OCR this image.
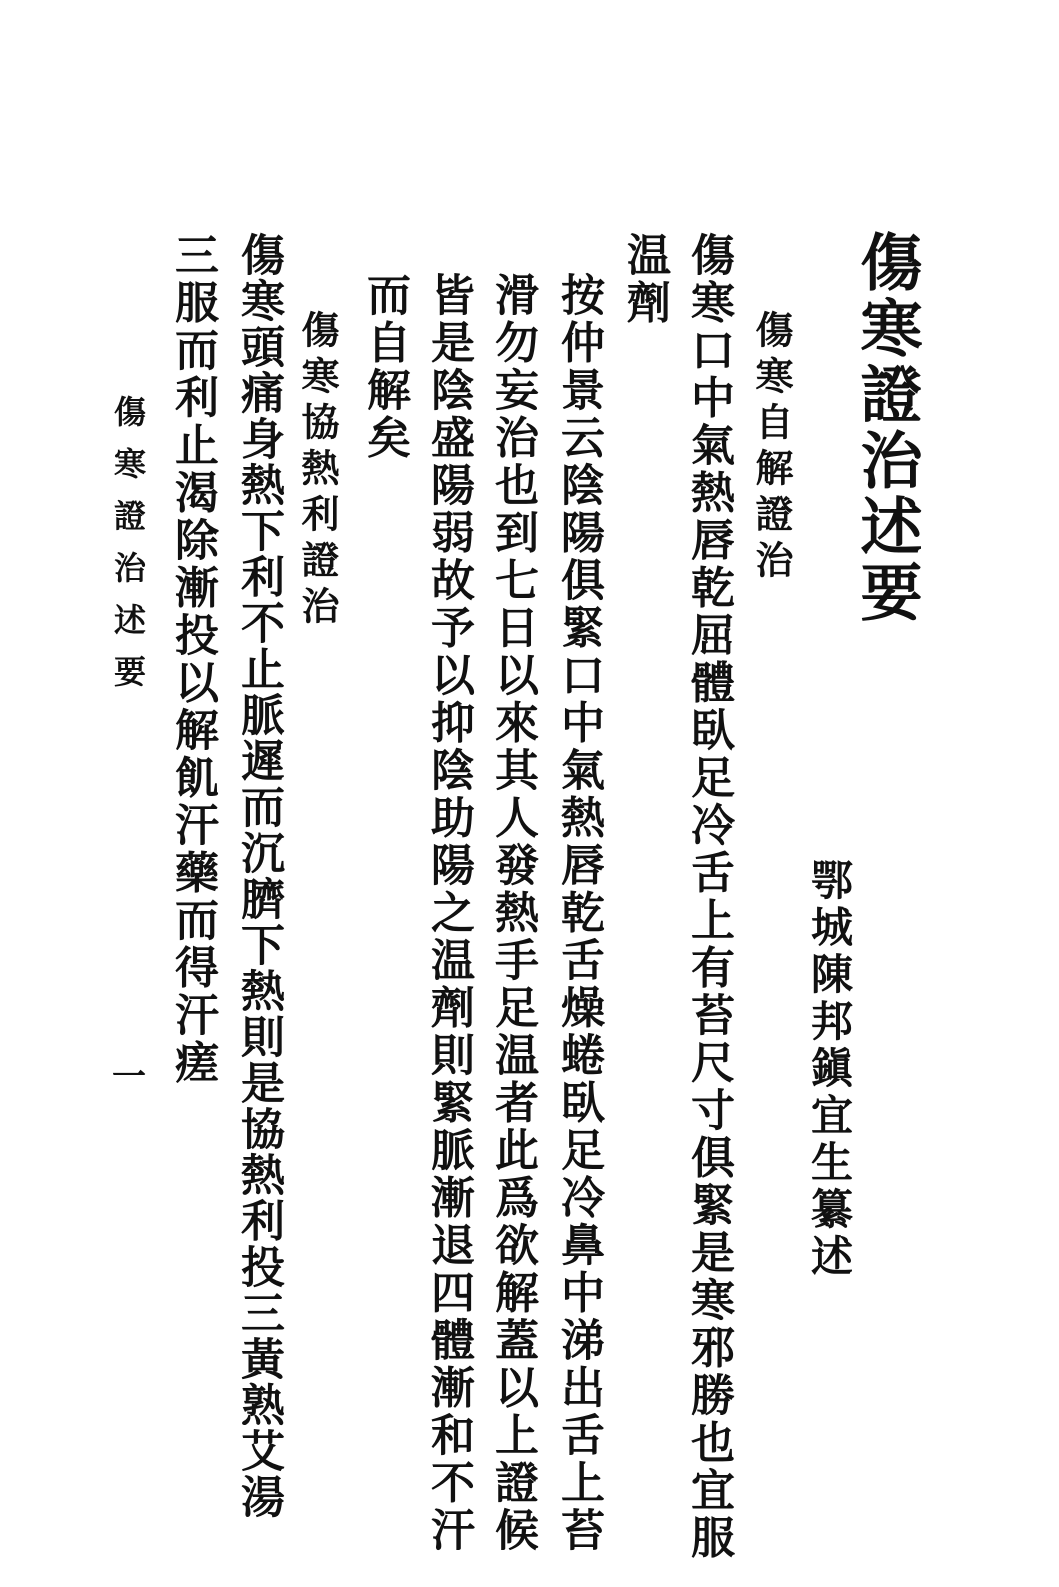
傷寒證治述要
鄂城陳邦鎭宜生纂述
傷寒自解證治
傷寒口中氣熱唇乾屈體臥足冷舌上有苔尺寸俱緊是寒邪勝也宜服
温劑
按仲景云陰陽俱緊口中氣熱唇乾舌燥蜷臥足冷鼻中涕出舌上苔
滑勿妄治也到七日以來其人發熱手足温者此爲欲解蓋以上證候
皆是陰盛陽弱故予以抑陰助陽之温劑則緊脈漸退四體漸和不汗
而自解矣
傷寒協熱利證治
傷寒頭痛身熱下利不止脈遲而沉臍下熱則是協熱利投三黃熟艾湯
三服而利止渴除漸投以解飢汗藥而得汗瘥
傷寒證治述要
一
